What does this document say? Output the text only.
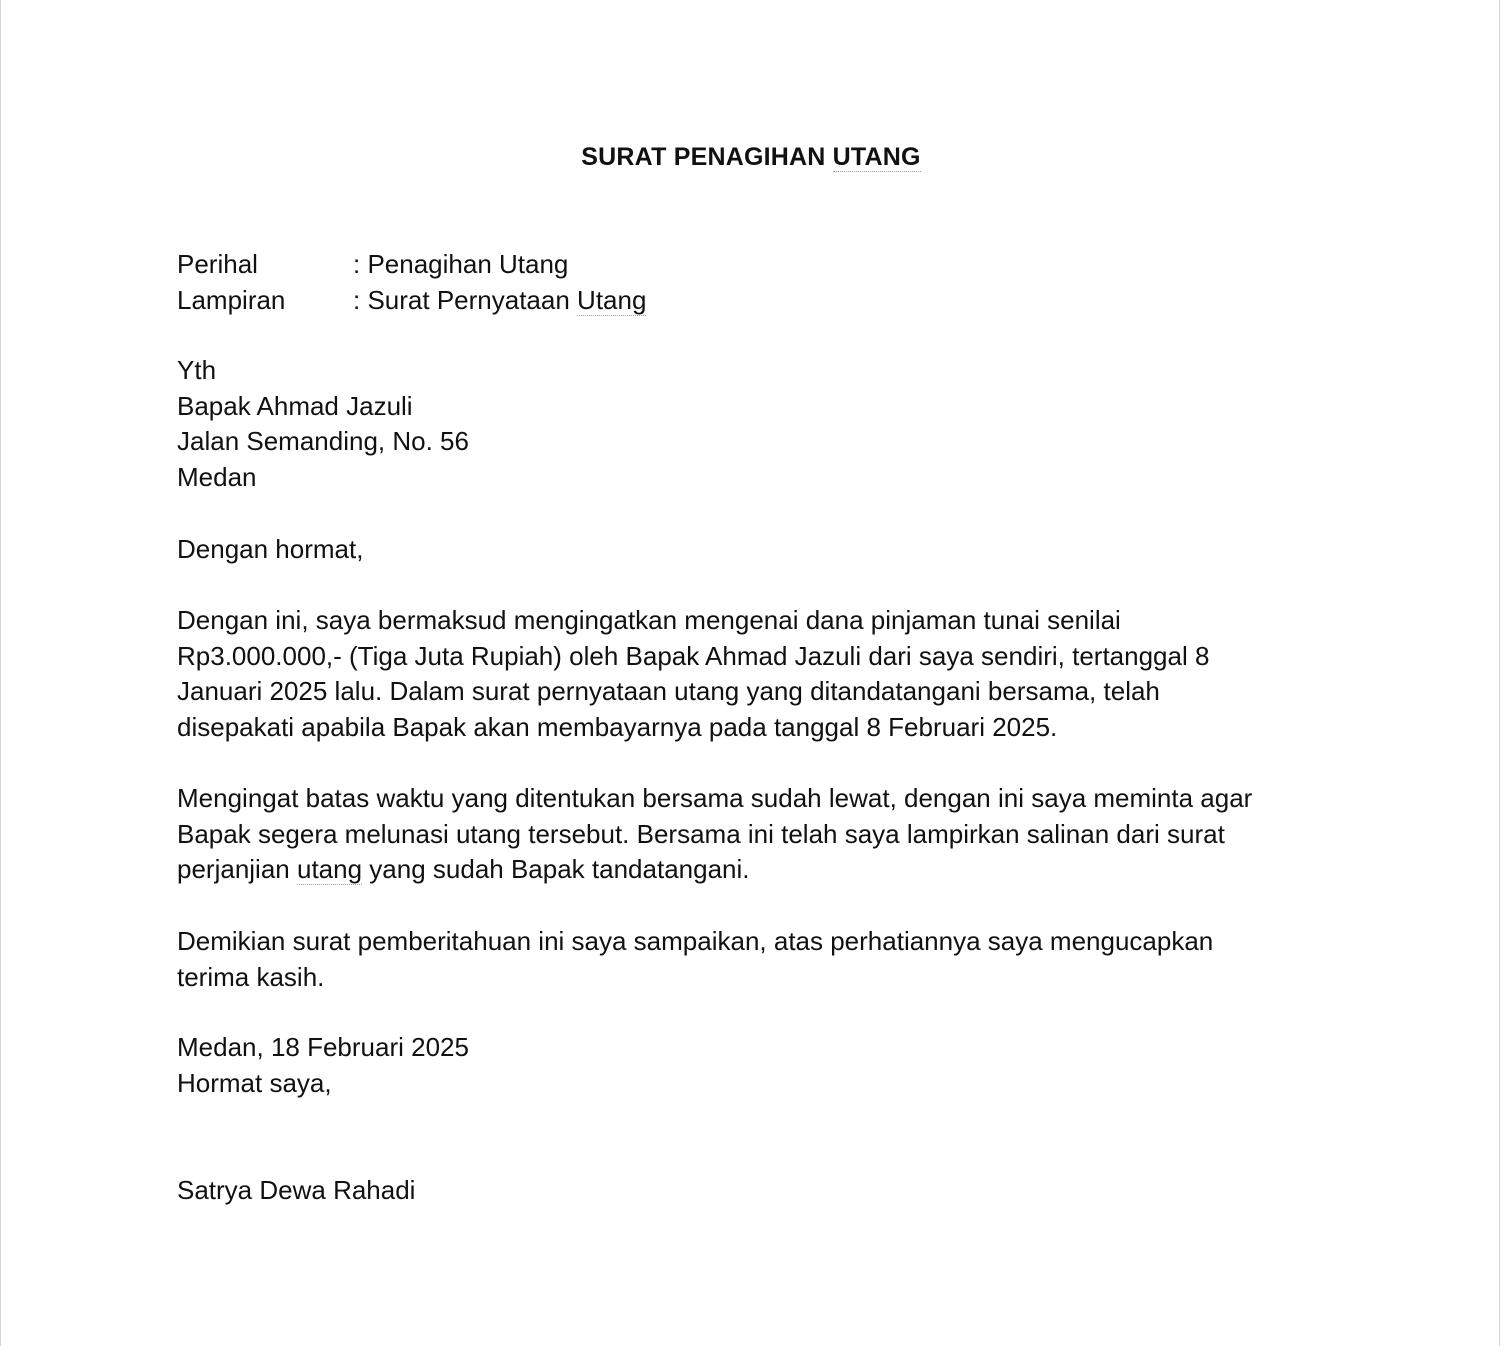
SURAT PENAGIHAN UTANG
Perihal	: Penagihan Utang
Lampiran	: Surat Pernyataan Utang
Yth
Bapak Ahmad Jazuli
Jalan Semanding, No. 56
Medan
Dengan hormat,
Dengan ini, saya bermaksud mengingatkan mengenai dana pinjaman tunai senilai
Rp3.000.000,- (Tiga Juta Rupiah) oleh Bapak Ahmad Jazuli dari saya sendiri, tertanggal 8
Januari 2025 lalu. Dalam surat pernyataan utang yang ditandatangani bersama, telah
disepakati apabila Bapak akan membayarnya pada tanggal 8 Februari 2025.
Mengingat batas waktu yang ditentukan bersama sudah lewat, dengan ini saya meminta agar
Bapak segera melunasi utang tersebut. Bersama ini telah saya lampirkan salinan dari surat
perjanjian utang yang sudah Bapak tandatangani.
Demikian surat pemberitahuan ini saya sampaikan, atas perhatiannya saya mengucapkan
terima kasih.
Medan, 18 Februari 2025
Hormat saya,
Satrya Dewa Rahadi
